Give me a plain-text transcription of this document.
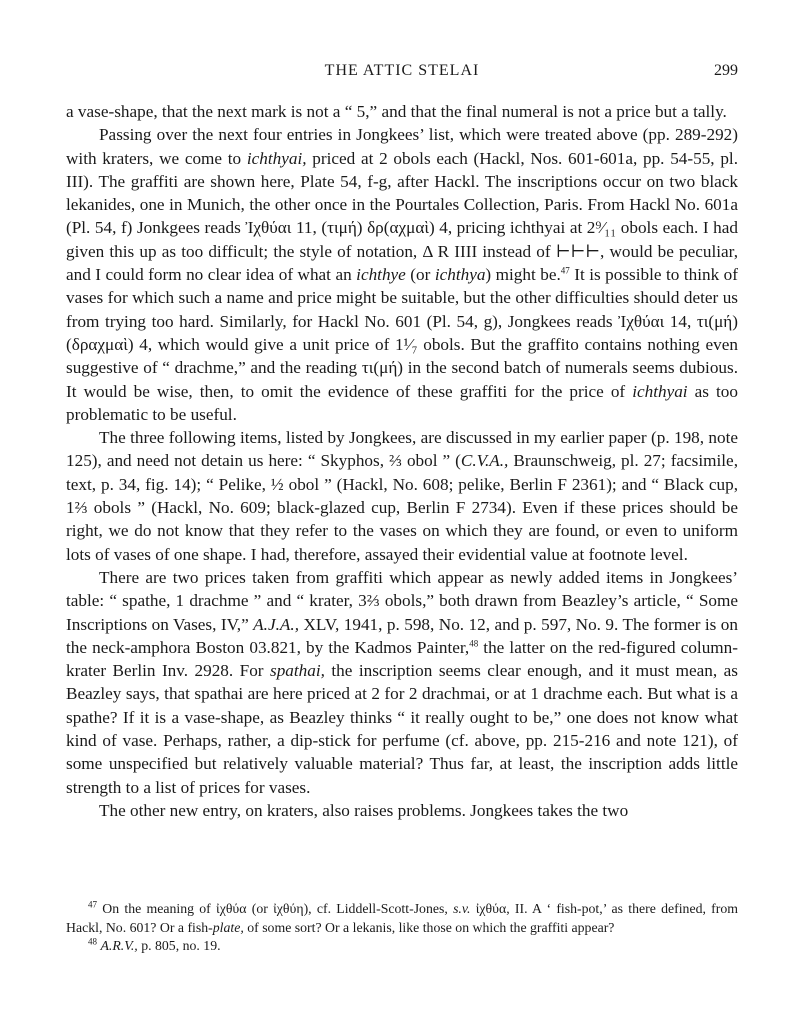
THE ATTIC STELAI	299

a vase-shape, that the next mark is not a “ 5,” and that the final numeral is not a price but a tally.

Passing over the next four entries in Jongkees’ list, which were treated above (pp. 289-292) with kraters, we come to ichthyai, priced at 2 obols each (Hackl, Nos. 601-601a, pp. 54-55, pl. III). The graffiti are shown here, Plate 54, f-g, after Hackl. The inscriptions occur on two black lekanides, one in Munich, the other once in the Pourtales Collection, Paris. From Hackl No. 601a (Pl. 54, f) Jonkgees reads Ἰχθύαι 11, (τιμή) δρ(αχμαὶ) 4, pricing ichthyai at 2⁹⁄₁₁ obols each. I had given this up as too difficult; the style of notation, Δ R IIII instead of ⊢⊢⊢, would be peculiar, and I could form no clear idea of what an ichthye (or ichthya) might be.$^{47}$ It is possible to think of vases for which such a name and price might be suitable, but the other difficulties should deter us from trying too hard. Similarly, for Hackl No. 601 (Pl. 54, g), Jongkees reads Ἰχθύαι 14, τι(μή) (δραχμαὶ) 4, which would give a unit price of 1¹⁄₇ obols. But the graffito contains nothing even suggestive of “ drachme,” and the reading τι(μή) in the second batch of numerals seems dubious. It would be wise, then, to omit the evidence of these graffiti for the price of ichthyai as too problematic to be useful.

The three following items, listed by Jongkees, are discussed in my earlier paper (p. 198, note 125), and need not detain us here: “ Skyphos, ⅔ obol ” (C.V.A., Braunschweig, pl. 27; facsimile, text, p. 34, fig. 14); “ Pelike, ½ obol ” (Hackl, No. 608; pelike, Berlin F 2361); and “ Black cup, 1⅔ obols ” (Hackl, No. 609; black-glazed cup, Berlin F 2734). Even if these prices should be right, we do not know that they refer to the vases on which they are found, or even to uniform lots of vases of one shape. I had, therefore, assayed their evidential value at footnote level.

There are two prices taken from graffiti which appear as newly added items in Jongkees’ table: “ spathe, 1 drachme ” and “ krater, 3⅔ obols,” both drawn from Beazley’s article, “ Some Inscriptions on Vases, IV,” A.J.A., XLV, 1941, p. 598, No. 12, and p. 597, No. 9. The former is on the neck-amphora Boston 03.821, by the Kadmos Painter,$^{48}$ the latter on the red-figured column-krater Berlin Inv. 2928. For spathai, the inscription seems clear enough, and it must mean, as Beazley says, that spathai are here priced at 2 for 2 drachmai, or at 1 drachme each. But what is a spathe? If it is a vase-shape, as Beazley thinks “ it really ought to be,” one does not know what kind of vase. Perhaps, rather, a dip-stick for perfume (cf. above, pp. 215-216 and note 121), of some unspecified but relatively valuable material? Thus far, at least, the inscription adds little strength to a list of prices for vases.

The other new entry, on kraters, also raises problems. Jongkees takes the two

$^{47}$ On the meaning of ἰχθύα (or ἰχθύη), cf. Liddell-Scott-Jones, s.v. ἰχθύα, II. A ‘ fish-pot,’ as there defined, from Hackl, No. 601? Or a fish-plate, of some sort? Or a lekanis, like those on which the graffiti appear?

$^{48}$ A.R.V., p. 805, no. 19.
